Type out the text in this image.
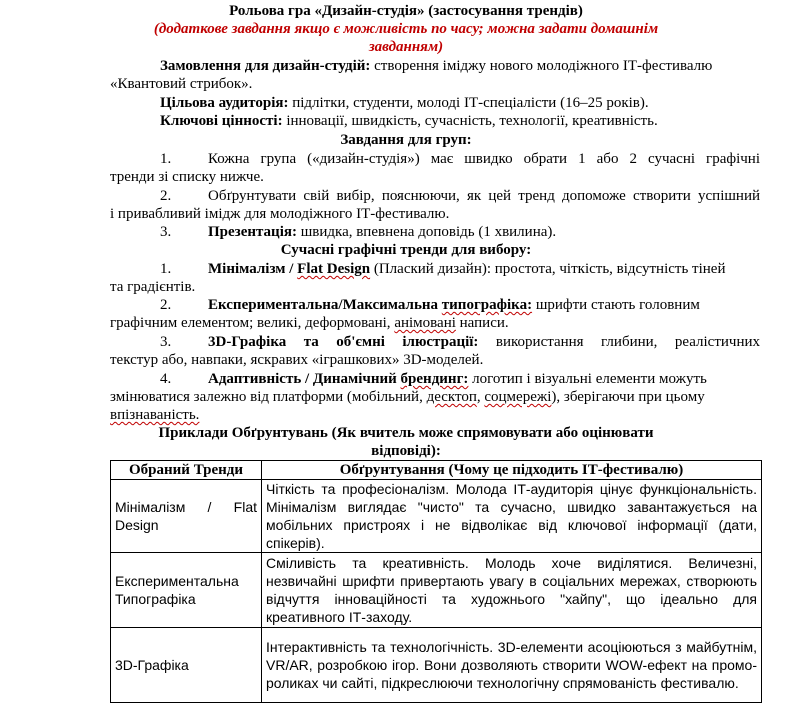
Рольова гра «Дизайн-студія» (застосування трендів)
(додаткове завдання якщо є можливість по часу; можна задати домашнім
завданням)
Замовлення для дизайн-студій: створення іміджу нового молодіжного ІТ-фестивалю
«Квантовий стрибок».
Цільова аудиторія: підлітки, студенти, молоді ІТ-спеціалісти (16–25 років).
Ключові цінності: інновації, швидкість, сучасність, технології, креативність.
Завдання для груп:
1. Кожна група («дизайн-студія») має швидко обрати 1 або 2 сучасні графічні
тренди зі списку нижче.
2. Обґрунтувати свій вибір, пояснюючи, як цей тренд допоможе створити успішний
і привабливий імідж для молодіжного ІТ-фестивалю.
3. Презентація: швидка, впевнена доповідь (1 хвилина).
Сучасні графічні тренди для вибору:
1. Мінімалізм / Flat Design (Плаский дизайн): простота, чіткість, відсутність тіней
та градієнтів.
2. Експериментальна/Максимальна типографіка: шрифти стають головним
графічним елементом; великі, деформовані, анімовані написи.
3. 3D-Графіка та об'ємні ілюстрації: використання глибини, реалістичних
текстур або, навпаки, яскравих «іграшкових» 3D-моделей.
4. Адаптивність / Динамічний брендинг: логотип і візуальні елементи можуть
змінюватися залежно від платформи (мобільний, десктоп, соцмережі), зберігаючи при цьому
впізнаваність.
Приклади Обґрунтувань (Як вчитель може спрямовувати або оцінювати
відповіді):
Обраний Тренди	Обґрунтування (Чому це підходить ІТ-фестивалю)
Мінімалізм / Flat Design	Чіткість та професіоналізм. Молода ІТ-аудиторія цінує функціональність. Мінімалізм виглядає "чисто" та сучасно, швидко завантажується на мобільних пристроях і не відволікає від ключової інформації (дати, спікерів).
Експериментальна Типографіка	Сміливість та креативність. Молодь хоче виділятися. Величезні, незвичайні шрифти привертають увагу в соціальних мережах, створюють відчуття інноваційності та художнього "хайпу", що ідеально для креативного ІТ-заходу.
3D-Графіка	Інтерактивність та технологічність. 3D-елементи асоціюються з майбутнім, VR/AR, розробкою ігор. Вони дозволяють створити WOW-ефект на промо-роликах чи сайті, підкреслюючи технологічну спрямованість фестивалю.
